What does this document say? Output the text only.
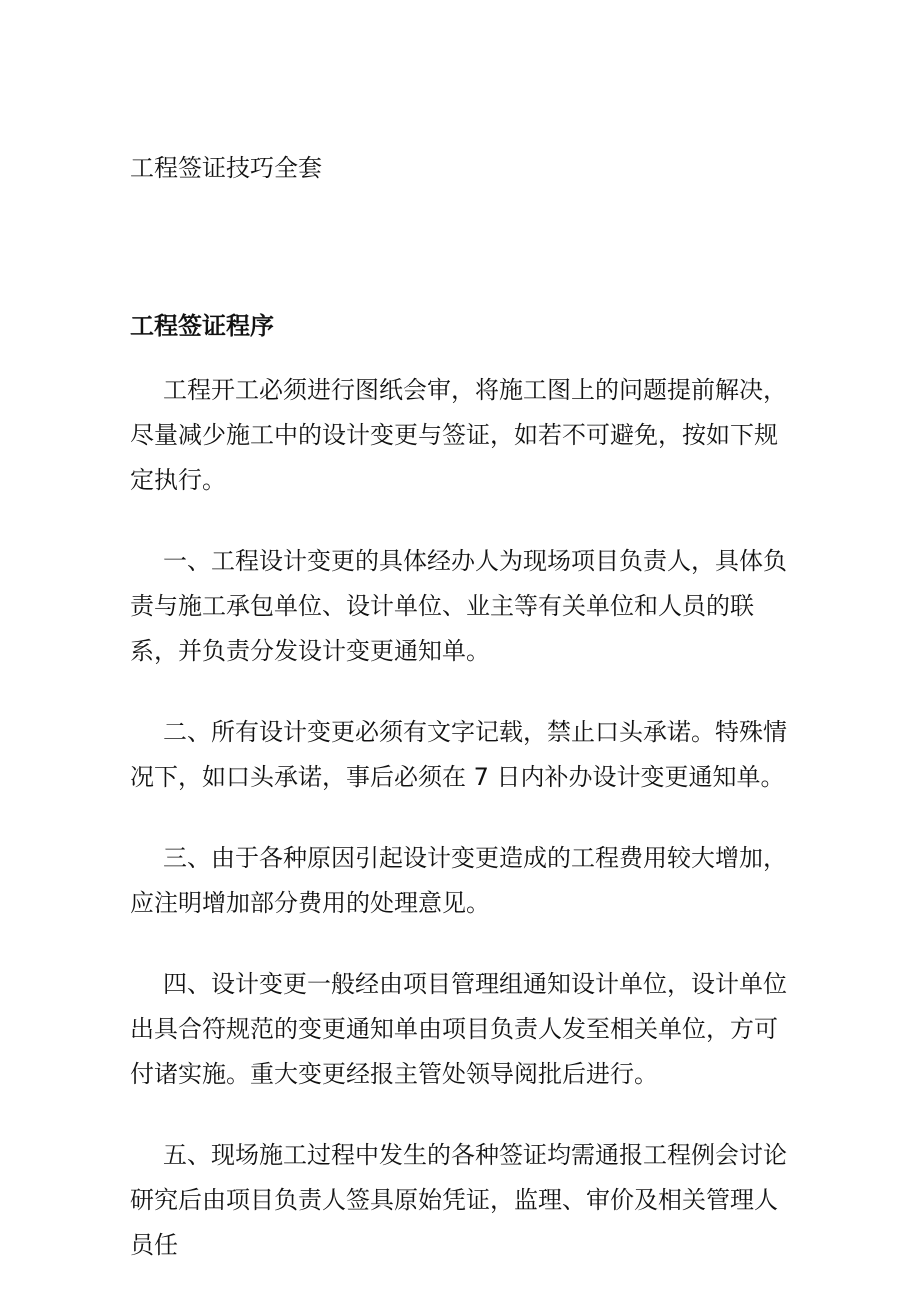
工程签证技巧全套
工程签证程序

工程开工必须进行图纸会审，将施工图上的问题提前解决，尽量减少施工中的设计变更与签证，如若不可避免，按如下规定执行。

一、工程设计变更的具体经办人为现场项目负责人，具体负责与施工承包单位、设计单位、业主等有关单位和人员的联系，并负责分发设计变更通知单。

二、所有设计变更必须有文字记载，禁止口头承诺。特殊情况下，如口头承诺，事后必须在 7 日内补办设计变更通知单。

三、由于各种原因引起设计变更造成的工程费用较大增加，应注明增加部分费用的处理意见。

四、设计变更一般经由项目管理组通知设计单位，设计单位出具合符规范的变更通知单由项目负责人发至相关单位，方可付诸实施。重大变更经报主管处领导阅批后进行。

五、现场施工过程中发生的各种签证均需通报工程例会讨论研究后由项目负责人签具原始凭证，监理、审价及相关管理人员任
